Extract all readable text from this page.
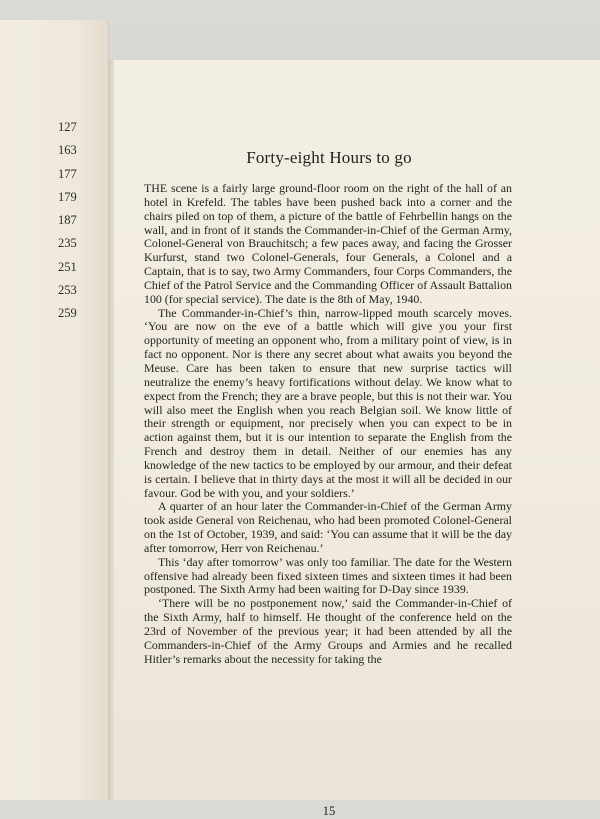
127
163
177
179
187
235
251
253
259
Forty-eight Hours to go

THE scene is a fairly large ground-floor room on the right of the hall of an hotel in Krefeld. The tables have been pushed back into a corner and the chairs piled on top of them, a picture of the battle of Fehrbellin hangs on the wall, and in front of it stands the Commander-in-Chief of the German Army, Colonel-General von Brauchitsch; a few paces away, and facing the Grosser Kurfurst, stand two Colonel-Generals, four Generals, a Colonel and a Captain, that is to say, two Army Commanders, four Corps Commanders, the Chief of the Patrol Service and the Commanding Officer of Assault Battalion 100 (for special service). The date is the 8th of May, 1940.

The Commander-in-Chief’s thin, narrow-lipped mouth scarcely moves. ‘You are now on the eve of a battle which will give you your first opportunity of meeting an opponent who, from a military point of view, is in fact no opponent. Nor is there any secret about what awaits you beyond the Meuse. Care has been taken to ensure that new surprise tactics will neutralize the enemy’s heavy fortifications without delay. We know what to expect from the French; they are a brave people, but this is not their war. You will also meet the English when you reach Belgian soil. We know little of their strength or equipment, nor precisely when you can expect to be in action against them, but it is our intention to separate the English from the French and destroy them in detail. Neither of our enemies has any knowledge of the new tactics to be employed by our armour, and their defeat is certain. I believe that in thirty days at the most it will all be decided in our favour. God be with you, and your soldiers.’

A quarter of an hour later the Commander-in-Chief of the German Army took aside General von Reichenau, who had been promoted Colonel-General on the 1st of October, 1939, and said: ‘You can assume that it will be the day after tomorrow, Herr von Reichenau.’

This ‘day after tomorrow’ was only too familiar. The date for the Western offensive had already been fixed sixteen times and sixteen times it had been postponed. The Sixth Army had been waiting for D-Day since 1939.

‘There will be no postponement now,’ said the Commander-in-Chief of the Sixth Army, half to himself. He thought of the conference held on the 23rd of November of the previous year; it had been attended by all the Commanders-in-Chief of the Army Groups and Armies and he recalled Hitler’s remarks about the necessity for taking the

15
